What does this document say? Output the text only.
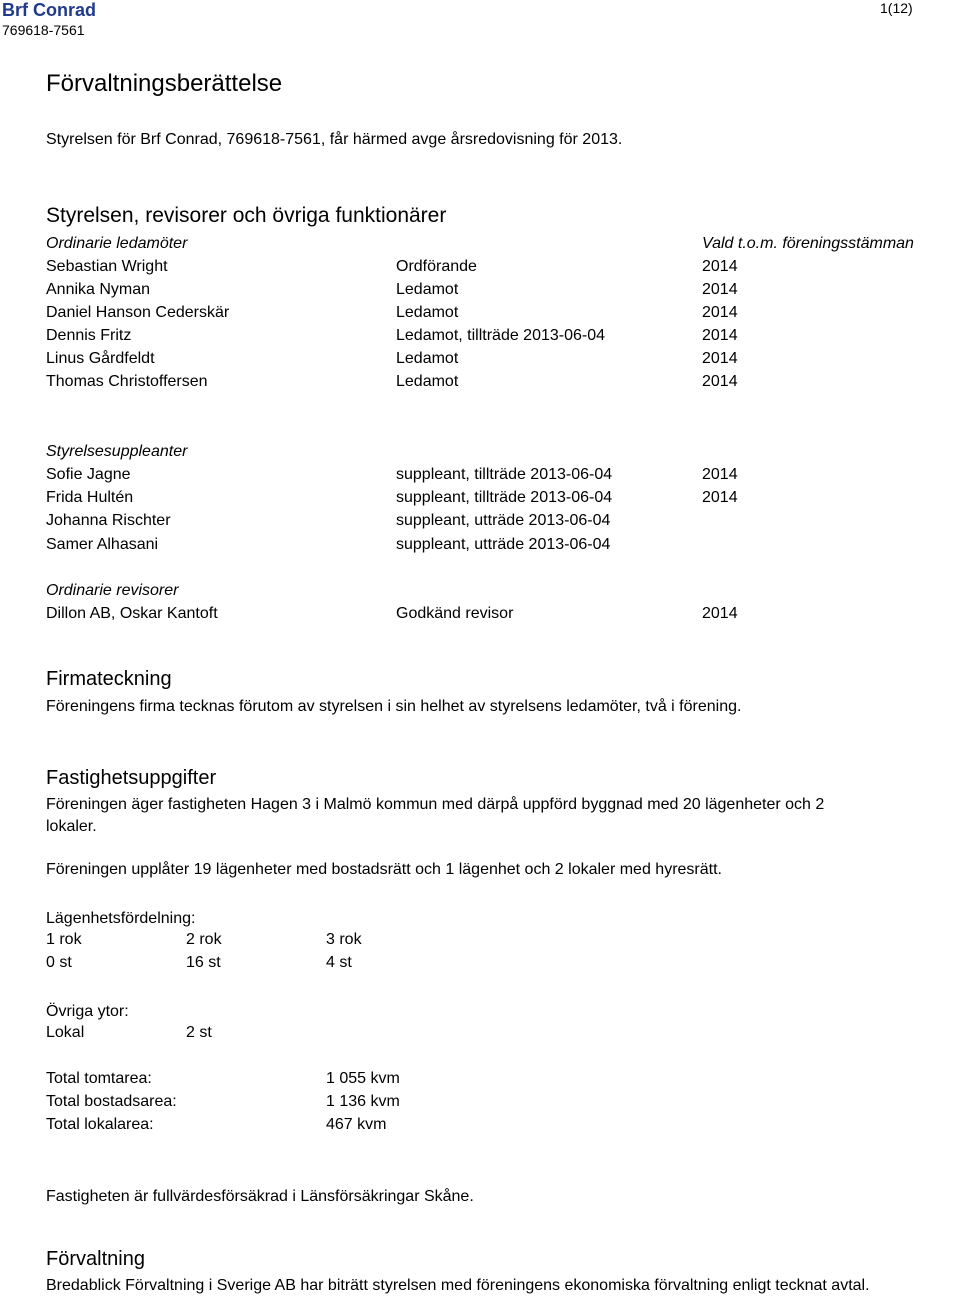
Brf Conrad
769618-7561
1(12)
Förvaltningsberättelse
Styrelsen för Brf Conrad, 769618-7561, får härmed avge årsredovisning för 2013.
Styrelsen, revisorer och övriga funktionärer
Ordinarie ledamöter	Vald t.o.m. föreningsstämman
Sebastian Wright	Ordförande	2014
Annika Nyman	Ledamot	2014
Daniel Hanson Cederskär	Ledamot	2014
Dennis Fritz	Ledamot, tillträde 2013-06-04	2014
Linus Gårdfeldt	Ledamot	2014
Thomas Christoffersen	Ledamot	2014
Styrelsesuppleanter
Sofie Jagne	suppleant, tillträde 2013-06-04	2014
Frida Hultén	suppleant, tillträde 2013-06-04	2014
Johanna Rischter	suppleant, utträde 2013-06-04
Samer Alhasani	suppleant, utträde 2013-06-04
Ordinarie revisorer
Dillon AB, Oskar Kantoft	Godkänd revisor	2014
Firmateckning
Föreningens firma tecknas förutom av styrelsen i sin helhet av styrelsens ledamöter, två i förening.
Fastighetsuppgifter
Föreningen äger fastigheten Hagen 3 i Malmö kommun med därpå uppförd byggnad med 20 lägenheter och 2 lokaler.
Föreningen upplåter 19 lägenheter med bostadsrätt och 1 lägenhet och 2 lokaler med hyresrätt.
Lägenhetsfördelning:
1 rok	2 rok	3 rok
0 st	16 st	4 st
Övriga ytor:
Lokal	2 st
Total tomtarea:	1 055 kvm
Total bostadsarea:	1 136 kvm
Total lokalarea:	467 kvm
Fastigheten är fullvärdesförsäkrad i Länsförsäkringar Skåne.
Förvaltning
Bredablick Förvaltning i Sverige AB har biträtt styrelsen med föreningens ekonomiska förvaltning enligt tecknat avtal.
